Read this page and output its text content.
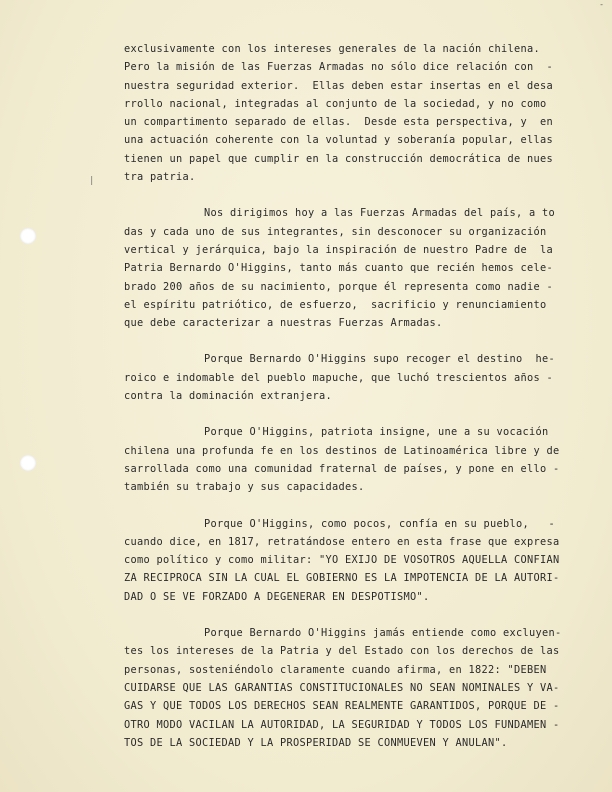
-
|
exclusivamente con los intereses generales de la nación chilena.
Pero la misión de las Fuerzas Armadas no sólo dice relación con  -
nuestra seguridad exterior.  Ellas deben estar insertas en el desa
rrollo nacional, integradas al conjunto de la sociedad, y no como
un compartimento separado de ellas.  Desde esta perspectiva, y  en
una actuación coherente con la voluntad y soberanía popular, ellas
tienen un papel que cumplir en la construcción democrática de nues
tra patria.
Nos dirigimos hoy a las Fuerzas Armadas del país, a to
das y cada uno de sus integrantes, sin desconocer su organización
vertical y jerárquica, bajo la inspiración de nuestro Padre de  la
Patria Bernardo O'Higgins, tanto más cuanto que recién hemos cele-
brado 200 años de su nacimiento, porque él representa como nadie -
el espíritu patriótico, de esfuerzo,  sacrificio y renunciamiento
que debe caracterizar a nuestras Fuerzas Armadas.
Porque Bernardo O'Higgins supo recoger el destino  he-
roico e indomable del pueblo mapuche, que luchó trescientos años -
contra la dominación extranjera.
Porque O'Higgins, patriota insigne, une a su vocación
chilena una profunda fe en los destinos de Latinoamérica libre y de
sarrollada como una comunidad fraternal de países, y pone en ello -
también su trabajo y sus capacidades.
Porque O'Higgins, como pocos, confía en su pueblo,   -
cuando dice, en 1817, retratándose entero en esta frase que expresa
como político y como militar: "YO EXIJO DE VOSOTROS AQUELLA CONFIAN
ZA RECIPROCA SIN LA CUAL EL GOBIERNO ES LA IMPOTENCIA DE LA AUTORI-
DAD O SE VE FORZADO A DEGENERAR EN DESPOTISMO".
Porque Bernardo O'Higgins jamás entiende como excluyen-
tes los intereses de la Patria y del Estado con los derechos de las
personas, sosteniéndolo claramente cuando afirma, en 1822: "DEBEN
CUIDARSE QUE LAS GARANTIAS CONSTITUCIONALES NO SEAN NOMINALES Y VA-
GAS Y QUE TODOS LOS DERECHOS SEAN REALMENTE GARANTIDOS, PORQUE DE -
OTRO MODO VACILAN LA AUTORIDAD, LA SEGURIDAD Y TODOS LOS FUNDAMEN -
TOS DE LA SOCIEDAD Y LA PROSPERIDAD SE CONMUEVEN Y ANULAN".
